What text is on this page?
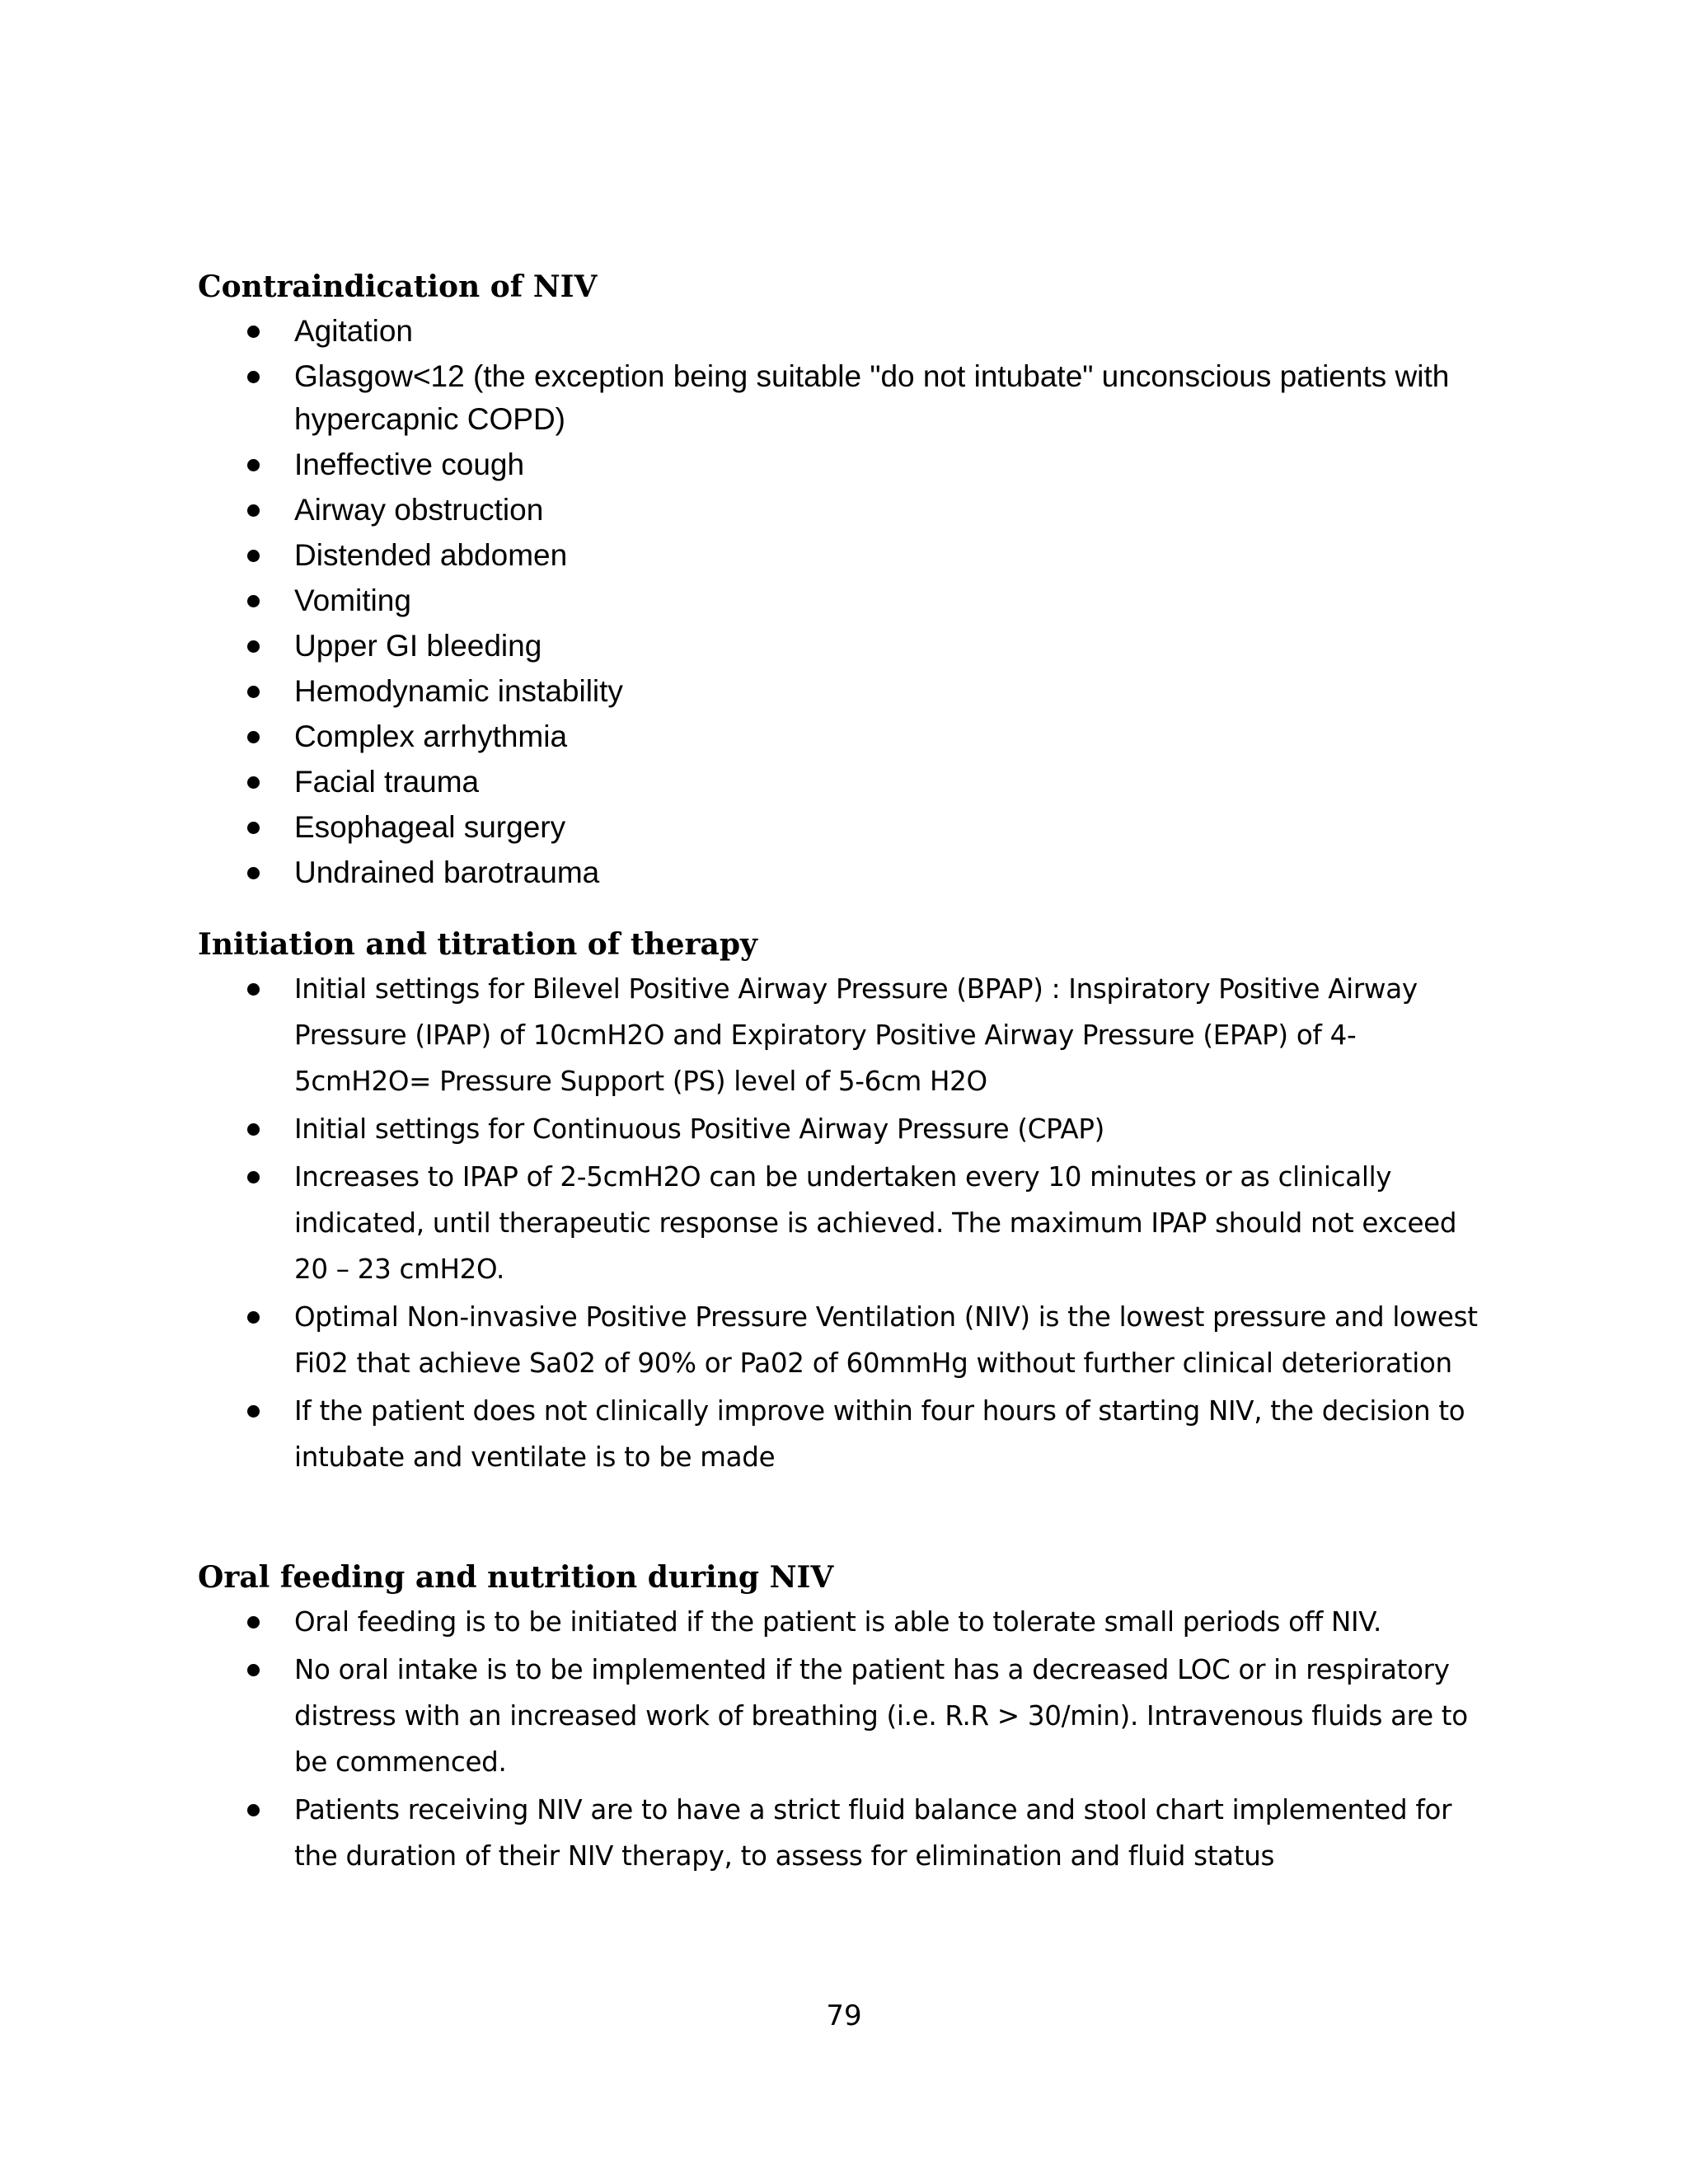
Contraindication of NIV
Agitation
Glasgow<12 (the exception being suitable "do not intubate" unconscious patients with hypercapnic COPD)
Ineffective cough
Airway obstruction
Distended abdomen
Vomiting
Upper GI bleeding
Hemodynamic instability
Complex arrhythmia
Facial trauma
Esophageal surgery
Undrained barotrauma
Initiation and titration of therapy
Initial settings for Bilevel Positive Airway Pressure (BPAP) : Inspiratory Positive Airway Pressure (IPAP) of 10cmH2O and Expiratory Positive Airway Pressure (EPAP) of 4-5cmH2O= Pressure Support (PS) level of 5-6cm H2O
Initial settings for Continuous Positive Airway Pressure (CPAP)
Increases to IPAP of 2-5cmH2O can be undertaken every 10 minutes or as clinically indicated, until therapeutic response is achieved. The maximum IPAP should not exceed 20 – 23 cmH2O.
Optimal Non-invasive Positive Pressure Ventilation (NIV) is the lowest pressure and lowest Fi02 that achieve Sa02 of 90% or Pa02 of 60mmHg without further clinical deterioration
If the patient does not clinically improve within four hours of starting NIV, the decision to intubate and ventilate is to be made
Oral feeding and nutrition during NIV
Oral feeding is to be initiated if the patient is able to tolerate small periods off NIV.
No oral intake is to be implemented if the patient has a decreased LOC or in respiratory distress with an increased work of breathing (i.e. R.R > 30/min). Intravenous fluids are to be commenced.
Patients receiving NIV are to have a strict fluid balance and stool chart implemented for the duration of their NIV therapy, to assess for elimination and fluid status
79
